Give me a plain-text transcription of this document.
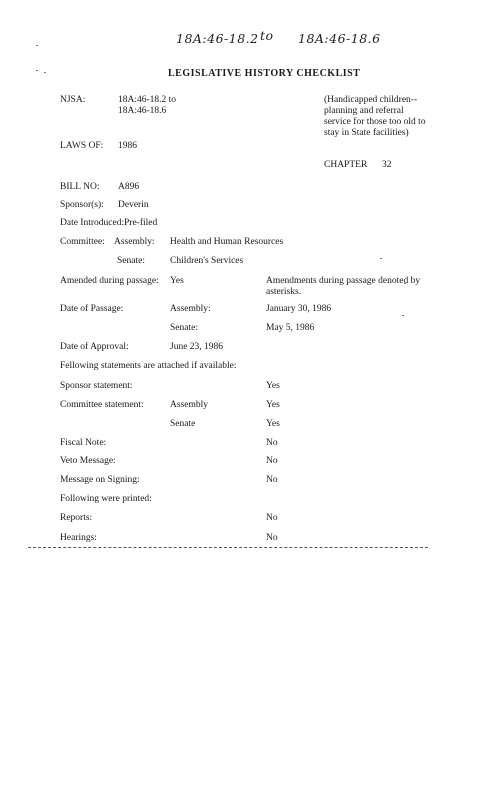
18A:46-18.2 to 18A:46-18.6
LEGISLATIVE HISTORY CHECKLIST
NJSA:	18A:46-18.2 to
18A:46-18.6
(Handicapped children--
planning and referral
service for those too old to
stay in State facilities)
LAWS OF: 1986
CHAPTER 32
BILL NO: A896
Sponsor(s): Deverin
Date Introduced: Pre-filed
Committee: Assembly: Health and Human Resources
Senate:	Children's Services
Amended during passage: Yes	Amendments during passage denoted by
asterisks.
Date of Passage:	Assembly:	January 30, 1986
Senate:	May 5, 1986
Date of Approval:	June 23, 1986
Fellowing statements are attached if available:
Sponsor statement:	Yes
Committee statement:	Assembly	Yes
Senate	Yes
Fiscal Note:	No
Veto Message:	No
Message on Signing:	No
Following were printed:
Reports:	No
Hearings:	No
